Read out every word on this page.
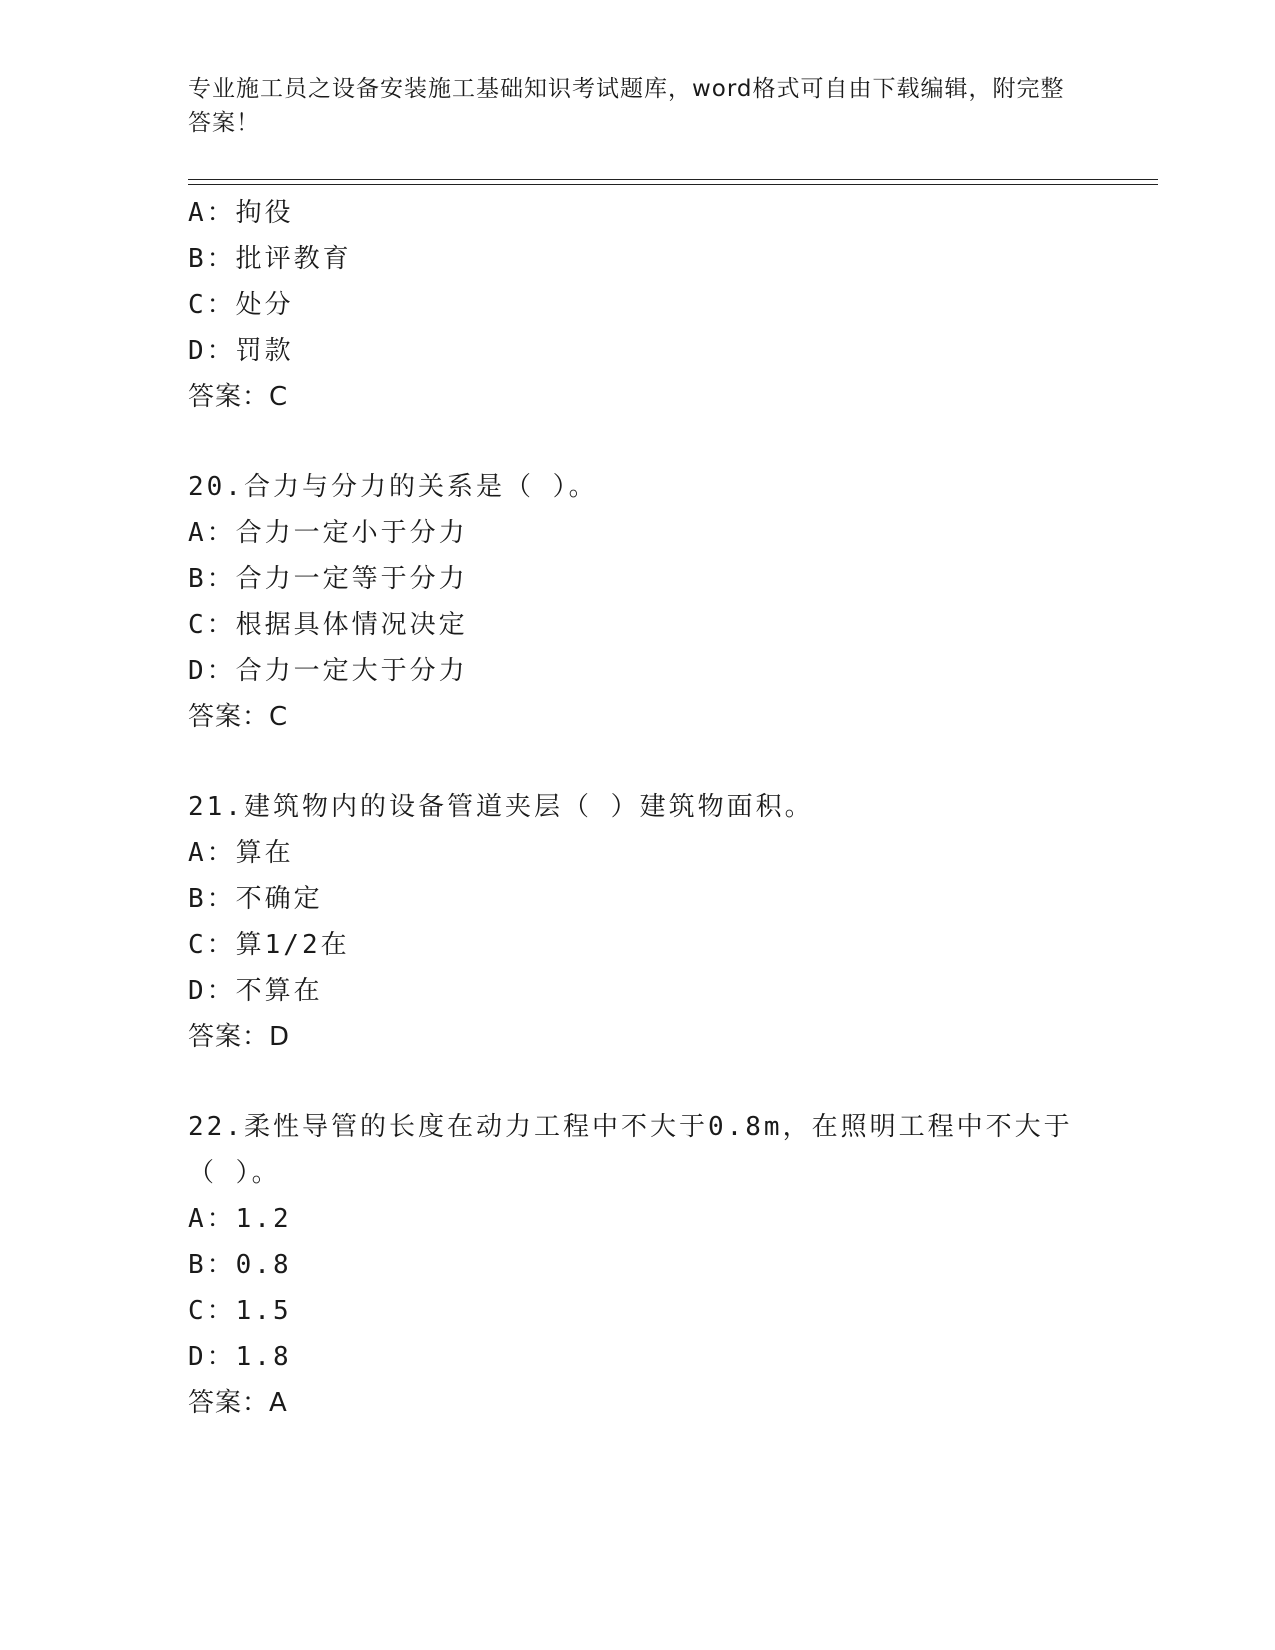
专业施工员之设备安装施工基础知识考试题库，word格式可自由下载编辑，附完整答案！
A：拘役
B：批评教育
C：处分
D：罚款
答案：C
20.合力与分力的关系是（ ）。
A：合力一定小于分力
B：合力一定等于分力
C：根据具体情况决定
D：合力一定大于分力
答案：C
21.建筑物内的设备管道夹层（ ）建筑物面积。
A：算在
B：不确定
C：算1/2在
D：不算在
答案：D
22.柔性导管的长度在动力工程中不大于0.8m，在照明工程中不大于（ ）。
A：1.2
B：0.8
C：1.5
D：1.8
答案：A
